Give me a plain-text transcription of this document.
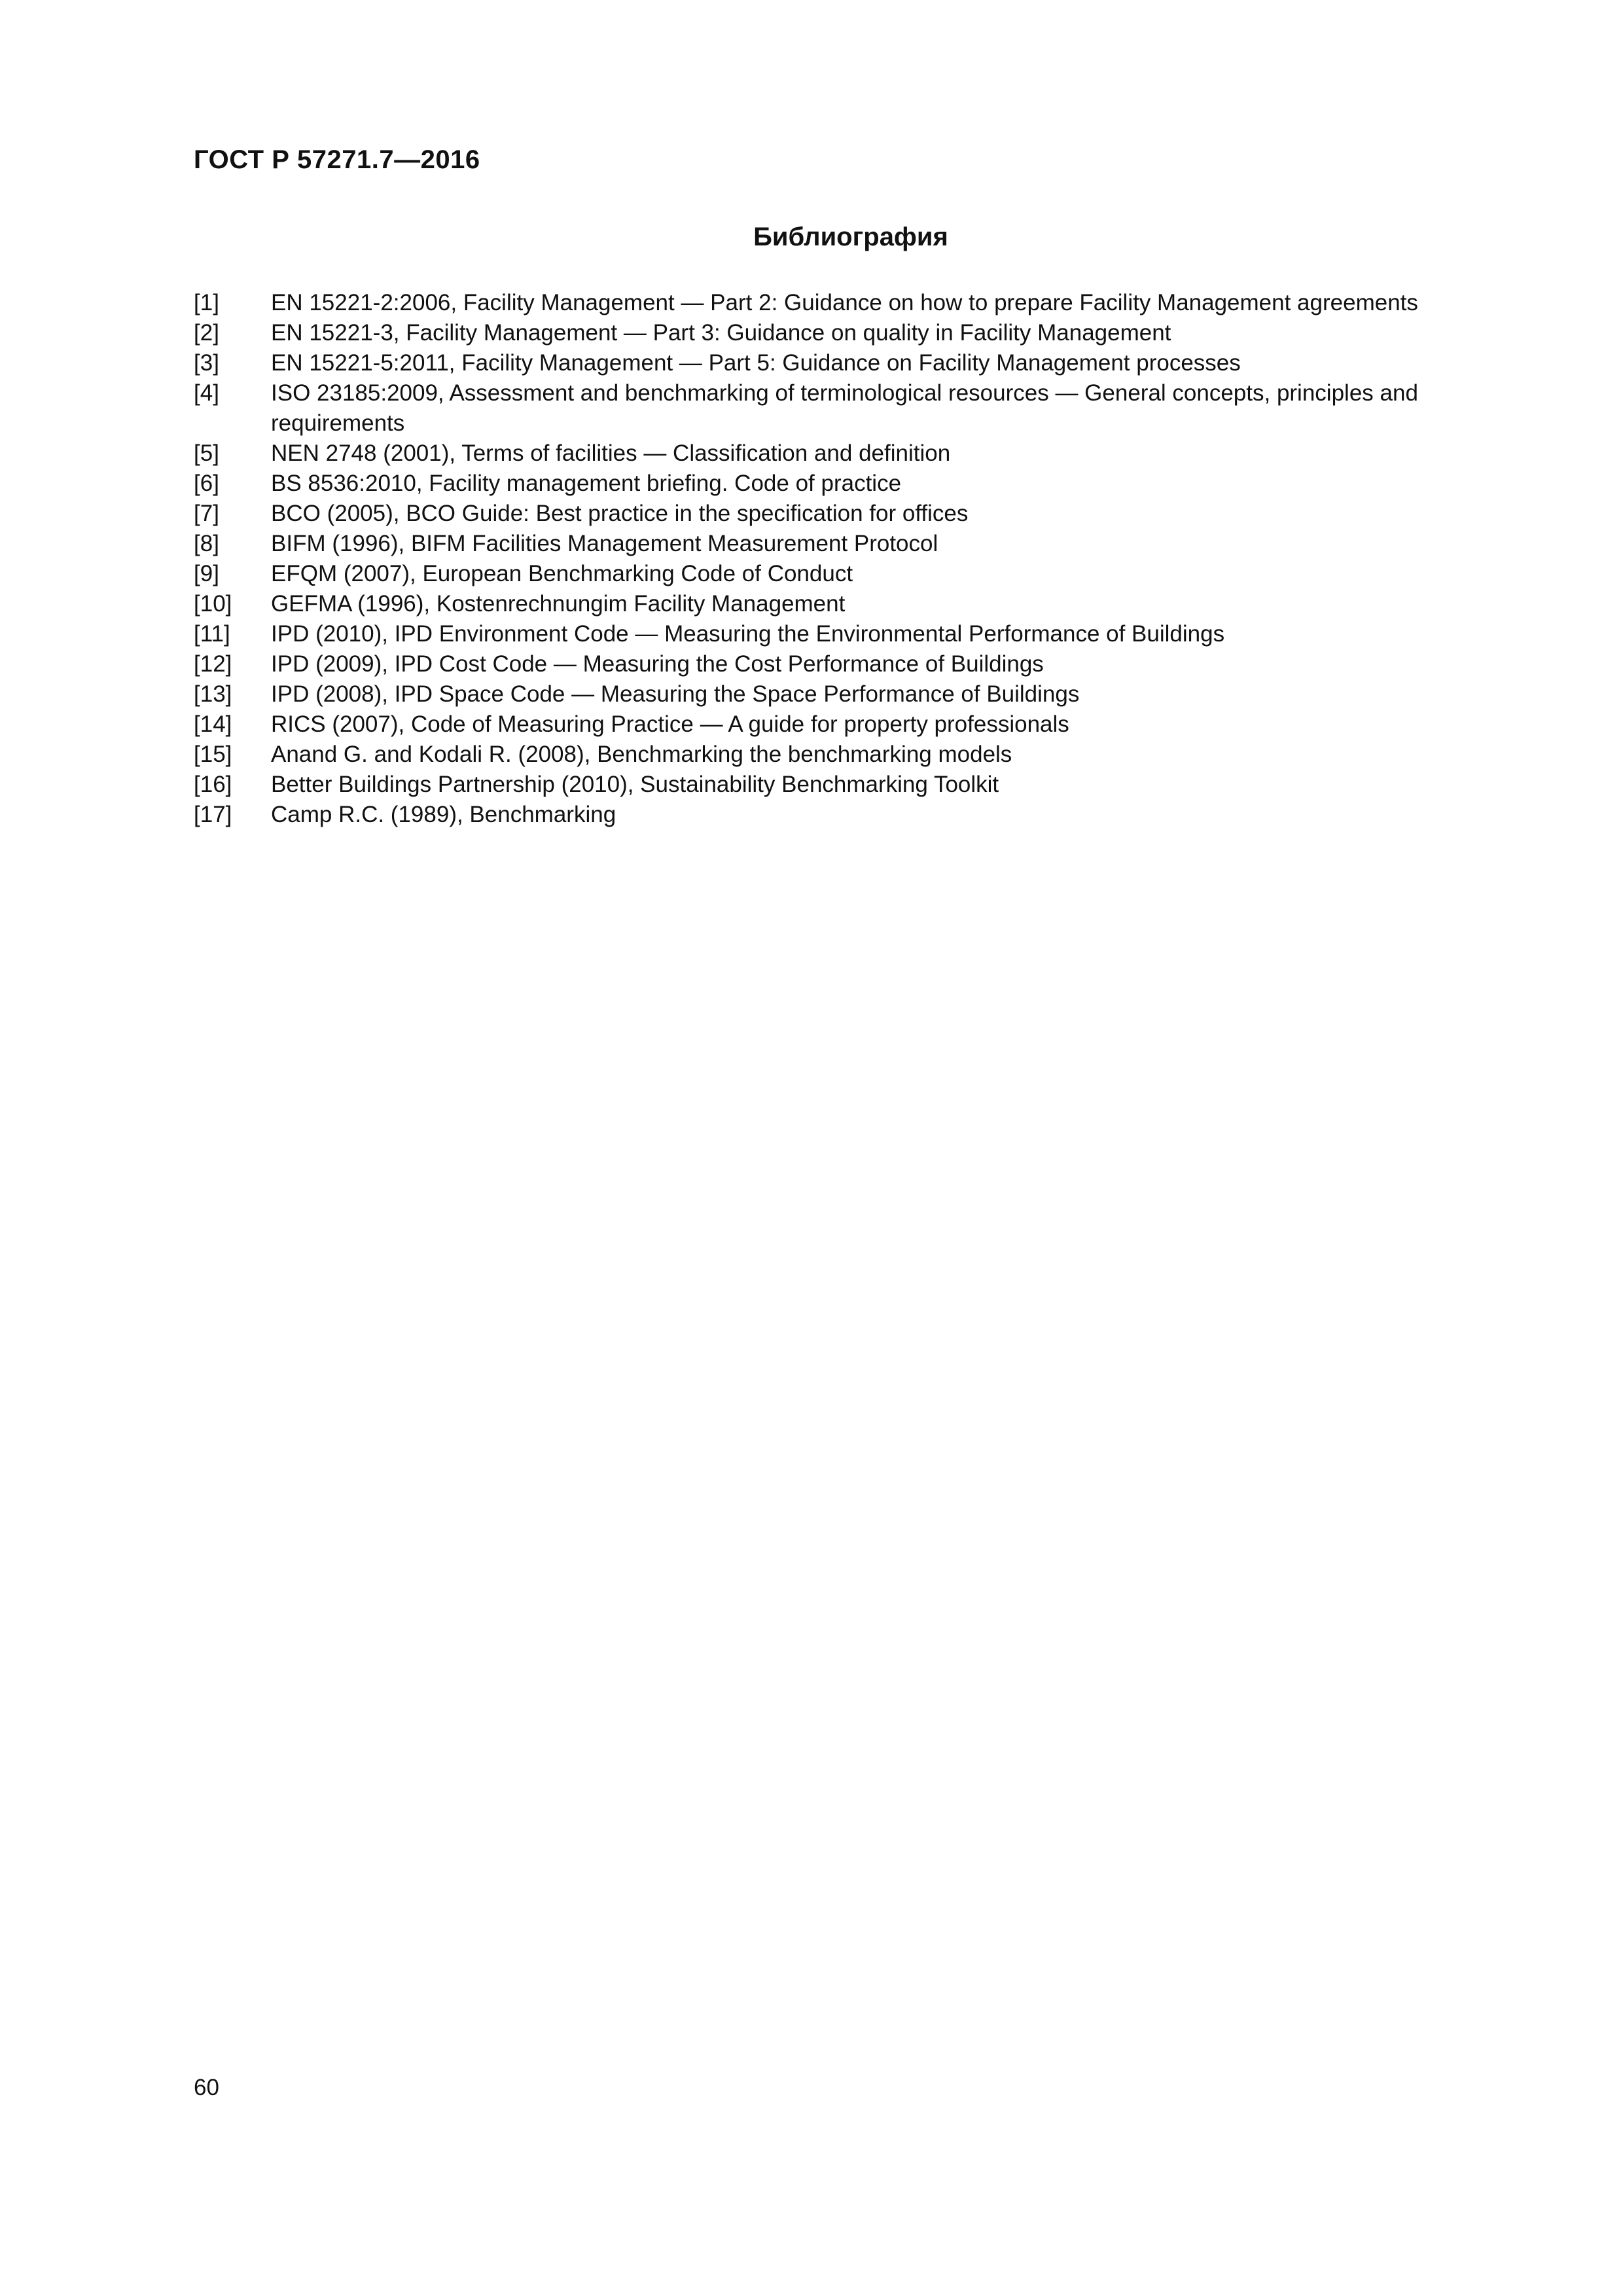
ГОСТ Р 57271.7—2016
Библиография
[1]	EN 15221-2:2006, Facility Management — Part 2: Guidance on how to prepare Facility Management agreements
[2]	EN 15221-3, Facility Management — Part 3: Guidance on quality in Facility Management
[3]	EN 15221-5:2011, Facility Management — Part 5: Guidance on Facility Management processes
[4]	ISO 23185:2009, Assessment and benchmarking of terminological resources — General concepts, principles and requirements
[5]	NEN 2748 (2001), Terms of facilities — Classification and definition
[6]	BS 8536:2010, Facility management briefing. Code of practice
[7]	BCO (2005), BCO Guide: Best practice in the specification for offices
[8]	BIFM (1996), BIFM Facilities Management Measurement Protocol
[9]	EFQM (2007), European Benchmarking Code of Conduct
[10]	GEFMA (1996), Kostenrechnungim Facility Management
[11]	IPD (2010), IPD Environment Code — Measuring the Environmental Performance of Buildings
[12]	IPD (2009), IPD Cost Code — Measuring the Cost Performance of Buildings
[13]	IPD (2008), IPD Space Code — Measuring the Space Performance of Buildings
[14]	RICS (2007), Code of Measuring Practice — A guide for property professionals
[15]	Anand G. and Kodali R. (2008), Benchmarking the benchmarking models
[16]	Better Buildings Partnership (2010), Sustainability Benchmarking Toolkit
[17]	Camp R.C. (1989), Benchmarking
60
